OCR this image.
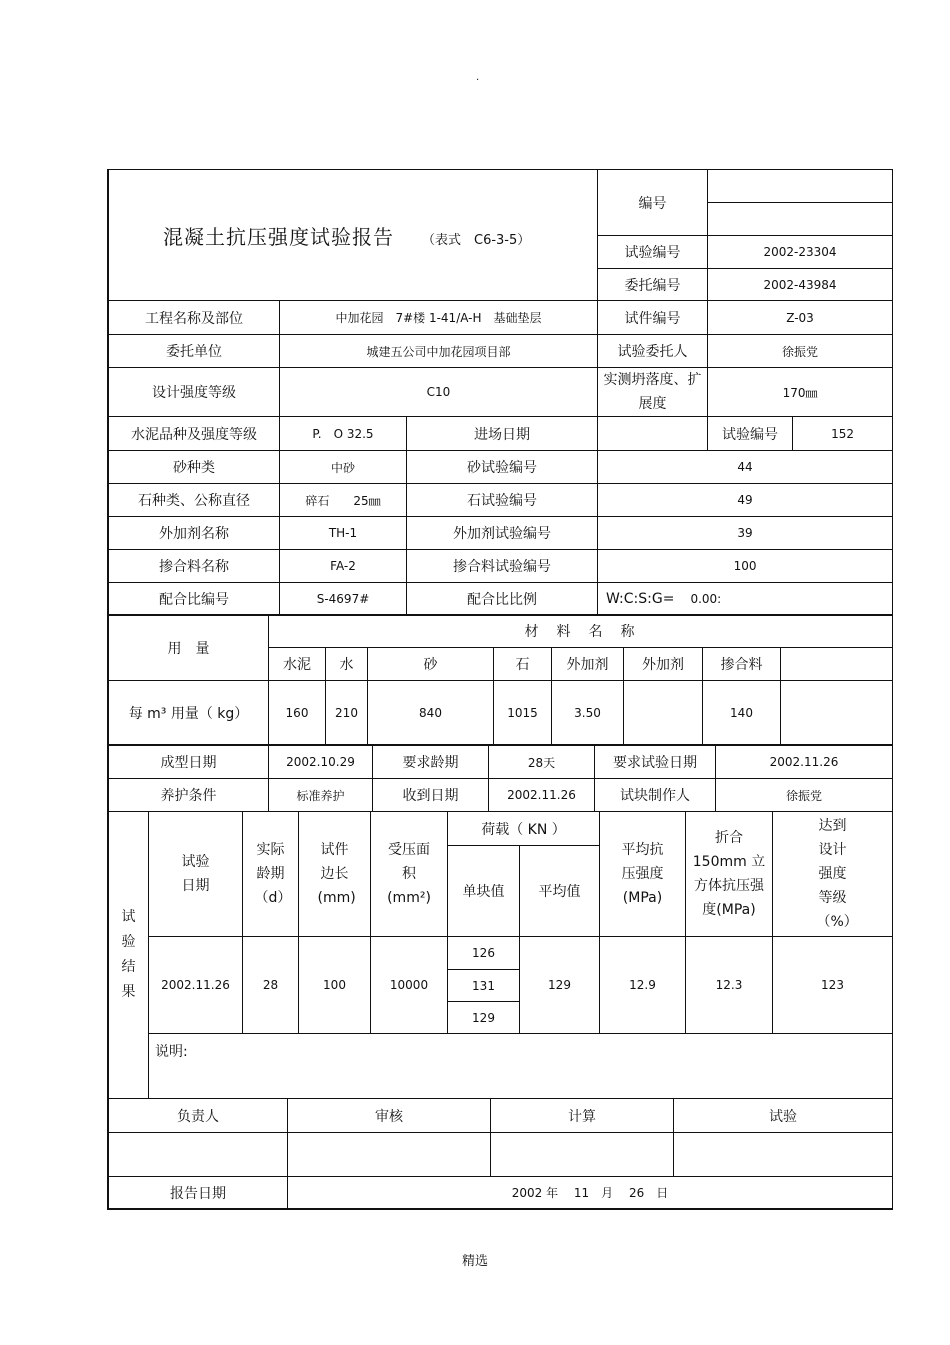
.
混凝土抗压强度试验报告 （表式　C6-3-5）			编号		

			试验编号	2002-23304	
			委托编号	2002-43984	
工程名称及部位	中加花园　7#楼 1-41/A-H　基础垫层		试件编号	Z-03	
委托单位	城建五公司中加花园项目部		试验委托人	徐振党	
设计强度等级	C10		实测坍落度、扩展度	170㎜	
水泥品种及强度等级	P.　O 32.5	进场日期		试验编号	152
砂种类	中砂	砂试验编号	44		
石种类、公称直径	碎石　　25㎜	石试验编号	49		
外加剂名称	TH-1	外加剂试验编号	39		
掺合料名称	FA-2	掺合料试验编号	100		
配合比编号	S-4697#	配合比比例	W:C:S:G= 0.00:		
用　量	材　料　名　称							
	水泥	水	砂	石	外加剂	外加剂	掺合料	
每 m³ 用量（ kg）	160	210	840	1015	3.50		140	
成型日期	2002.10.29	要求龄期	28天	要求试验日期	2002.11.26
养护条件	标准养护	收到日期	2002.11.26	试块制作人	徐振党
试验结果	试验日期	实际龄期（d）	试件边长(mm)	受压面积(mm²)	荷载（ KN ）		平均抗压强度(MPa)	折合150mm 立方体抗压强度(MPa)	达到设计强度等级（%）

					单块值	平均值			
	2002.11.26	28	100	10000	126	129	12.9	12.3	123
					131				
					129				
	说明:								
负责人	审核	计算	试验

报告日期	2002 年　 11　月　 26　日		
精选
